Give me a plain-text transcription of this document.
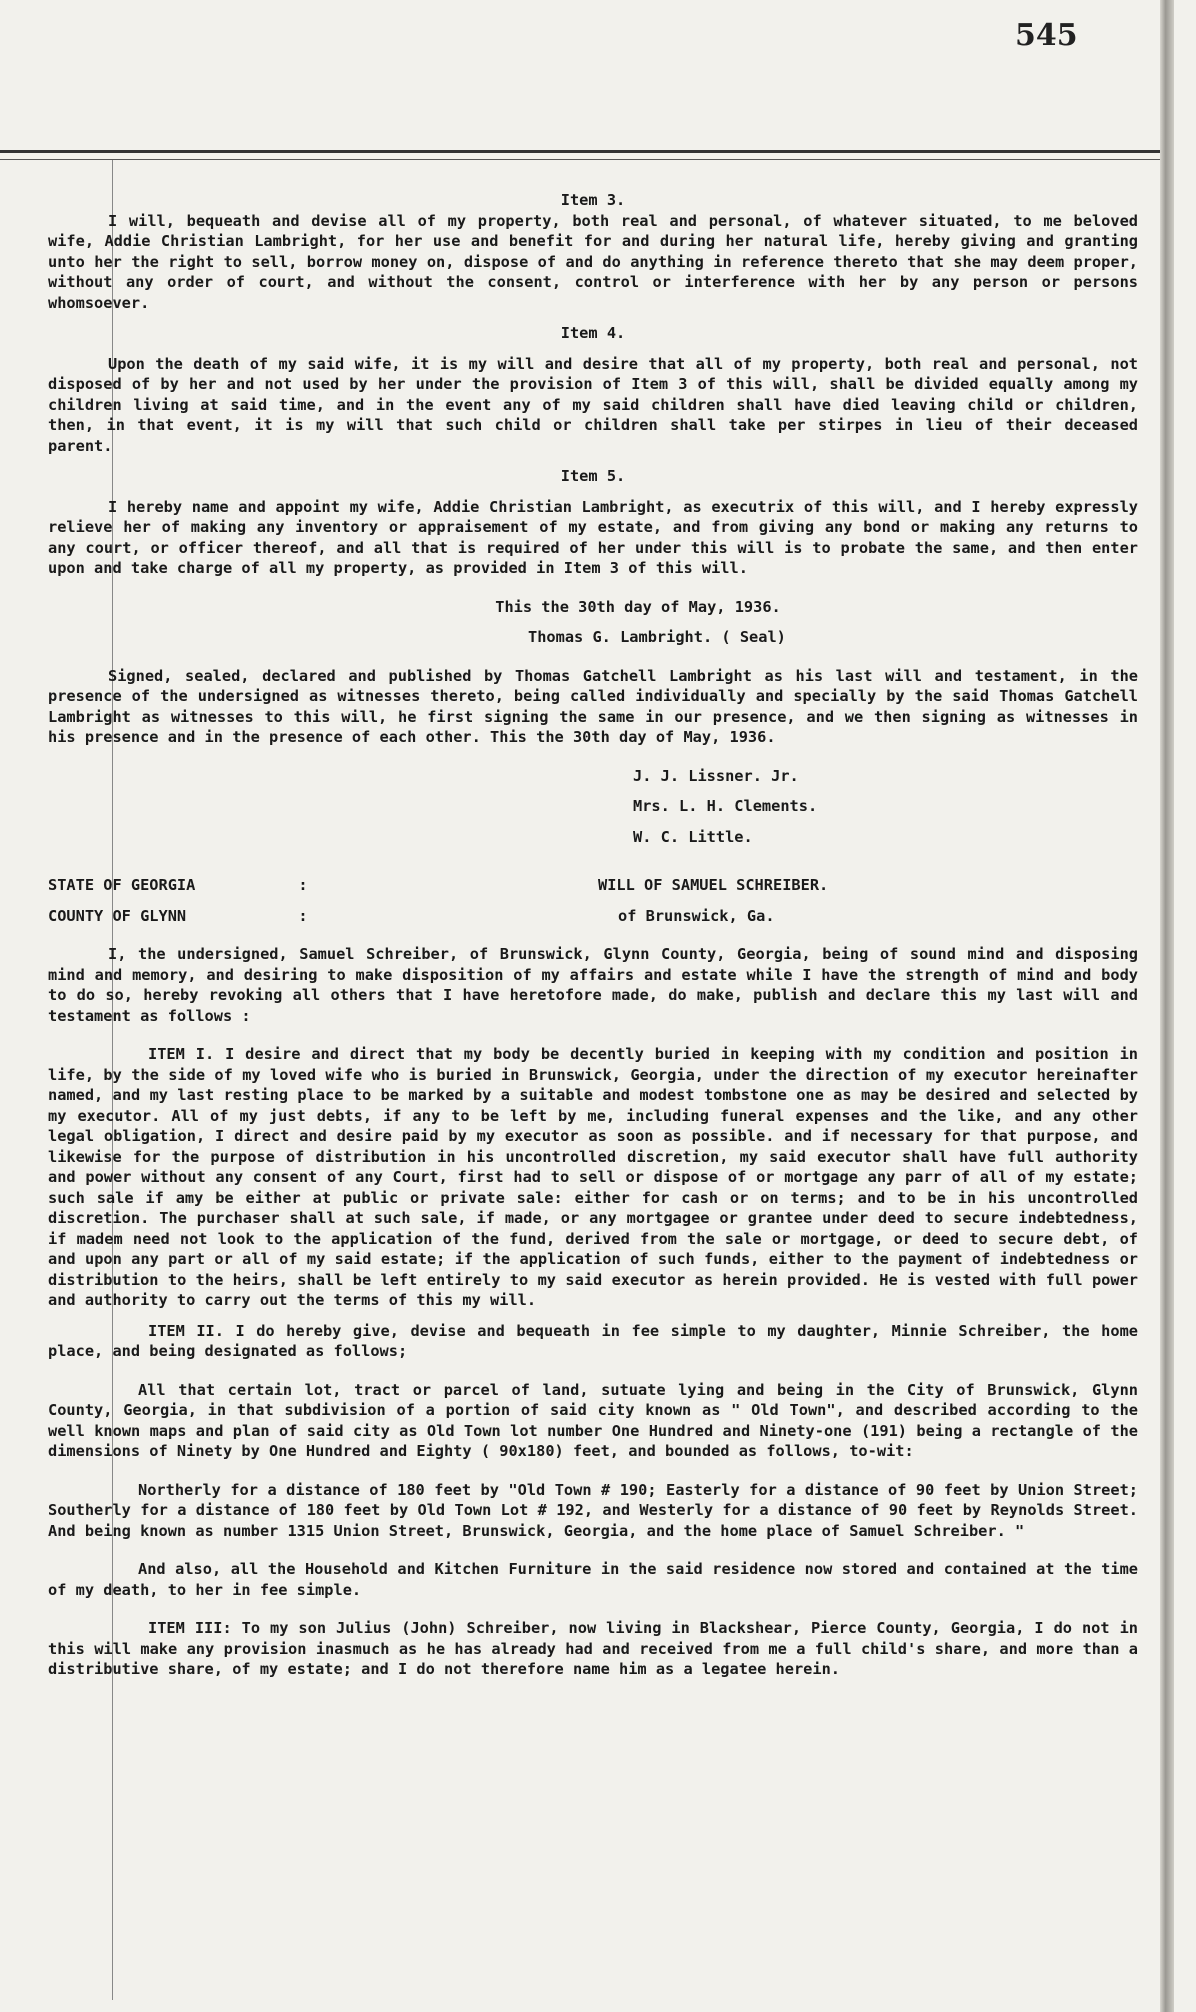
545

Item 3.

I will, bequeath and devise all of my property, both real and personal, of whatever situated, to me beloved wife, Addie Christian Lambright, for her use and benefit for and during her natural life, hereby giving and granting unto her the right to sell, borrow money on, dispose of and do anything in reference thereto that she may deem proper, without any order of court, and without the consent, control or interference with her by any person or persons whomsoever.

Item 4.

Upon the death of my said wife, it is my will and desire that all of my property, both real and personal, not disposed of by her and not used by her under the provision of Item 3 of this will, shall be divided equally among my children living at said time, and in the event any of my said children shall have died leaving child or children, then, in that event, it is my will that such child or children shall take per stirpes in lieu of their deceased parent.

Item 5.

I hereby name and appoint my wife, Addie Christian Lambright, as executrix of this will, and I hereby expressly relieve her of making any inventory or appraisement of my estate, and from giving any bond or making any returns to any court, or officer thereof, and all that is required of her under this will is to probate the same, and then enter upon and take charge of all my property, as provided in Item 3 of this will.

This the 30th day of May, 1936.

Thomas G. Lambright. ( Seal)

Signed, sealed, declared and published by Thomas Gatchell Lambright as his last will and testament, in the presence of the undersigned as witnesses thereto, being called individually and specially by the said Thomas Gatchell Lambright as witnesses to this will, he first signing the same in our presence, and we then signing as witnesses in his presence and in the presence of each other. This the 30th day of May, 1936.

J. J. Lissner. Jr.

Mrs. L. H. Clements.

W. C. Little.

STATE OF GEORGIA	:	WILL OF SAMUEL SCHREIBER.
COUNTY OF GLYNN	:	of Brunswick, Ga.

I, the undersigned, Samuel Schreiber, of Brunswick, Glynn County, Georgia, being of sound mind and disposing mind and memory, and desiring to make disposition of my affairs and estate while I have the strength of mind and body to do so, hereby revoking all others that I have heretofore made, do make, publish and declare this my last will and testament as follows :

ITEM I. I desire and direct that my body be decently buried in keeping with my condition and position in life, by the side of my loved wife who is buried in Brunswick, Georgia, under the direction of my executor hereinafter named, and my last resting place to be marked by a suitable and modest tombstone one as may be desired and selected by my executor. All of my just debts, if any to be left by me, including funeral expenses and the like, and any other legal obligation, I direct and desire paid by my executor as soon as possible. and if necessary for that purpose, and likewise for the purpose of distribution in his uncontrolled discretion, my said executor shall have full authority and power without any consent of any Court, first had to sell or dispose of or mortgage any parr of all of my estate; such sale if amy be either at public or private sale: either for cash or on terms; and to be in his uncontrolled discretion. The purchaser shall at such sale, if made, or any mortgagee or grantee under deed to secure indebtedness, if madem need not look to the application of the fund, derived from the sale or mortgage, or deed to secure debt, of and upon any part or all of my said estate; if the application of such funds, either to the payment of indebtedness or distribution to the heirs, shall be left entirely to my said executor as herein provided. He is vested with full power and authority to carry out the terms of this my will.

ITEM II. I do hereby give, devise and bequeath in fee simple to my daughter, Minnie Schreiber, the home place, and being designated as follows;

All that certain lot, tract or parcel of land, sutuate lying and being in the City of Brunswick, Glynn County, Georgia, in that subdivision of a portion of said city known as " Old Town", and described according to the well known maps and plan of said city as Old Town lot number One Hundred and Ninety-one (191) being a rectangle of the dimensions of Ninety by One Hundred and Eighty ( 90x180) feet, and bounded as follows, to-wit:

Northerly for a distance of 180 feet by "Old Town # 190; Easterly for a distance of 90 feet by Union Street; Southerly for a distance of 180 feet by Old Town Lot # 192, and Westerly for a distance of 90 feet by Reynolds Street. And being known as number 1315 Union Street, Brunswick, Georgia, and the home place of Samuel Schreiber. "

And also, all the Household and Kitchen Furniture in the said residence now stored and contained at the time of my death, to her in fee simple.

ITEM III: To my son Julius (John) Schreiber, now living in Blackshear, Pierce County, Georgia, I do not in this will make any provision inasmuch as he has already had and received from me a full child's share, and more than a distributive share, of my estate; and I do not therefore name him as a legatee herein.
